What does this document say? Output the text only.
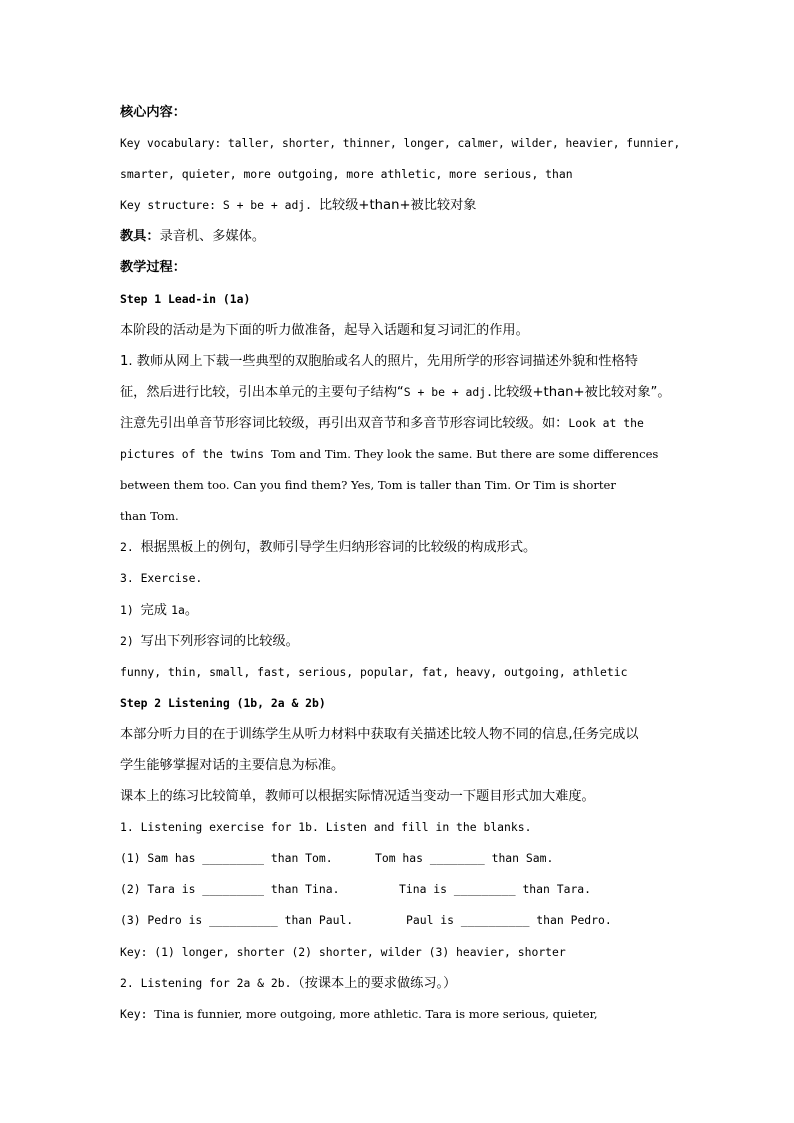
核心内容：
Key vocabulary: taller, shorter, thinner, longer, calmer, wilder, heavier, funnier,
smarter, quieter, more outgoing, more athletic, more serious, than
Key structure: S + be + adj. 比较级+than+被比较对象
教具：录音机、多媒体。
教学过程：
Step 1 Lead-in (1a)
本阶段的活动是为下面的听力做准备，起导入话题和复习词汇的作用。
1. 教师从网上下载一些典型的双胞胎或名人的照片，先用所学的形容词描述外貌和性格特
征，然后进行比较，引出本单元的主要句子结构“S + be + adj.比较级+than+被比较对象”。
注意先引出单音节形容词比较级，再引出双音节和多音节形容词比较级。如：Look at the
pictures of the twins Tom and Tim. They look the same. But there are some differences
between them too. Can you find them? Yes, Tom is taller than Tim. Or Tim is shorter
than Tom.
2. 根据黑板上的例句，教师引导学生归纳形容词的比较级的构成形式。
3. Exercise.
1) 完成 1a。
2) 写出下列形容词的比较级。
funny, thin, small, fast, serious, popular, fat, heavy, outgoing, athletic
Step 2 Listening (1b, 2a & 2b)
本部分听力目的在于训练学生从听力材料中获取有关描述比较人物不同的信息,任务完成以
学生能够掌握对话的主要信息为标准。
课本上的练习比较简单，教师可以根据实际情况适当变动一下题目形式加大难度。
1. Listening exercise for 1b. Listen and fill in the blanks.
(1) Sam has _________ than Tom.	Tom has ________ than Sam.
(2) Tara is _________ than Tina.	Tina is _________ than Tara.
(3) Pedro is __________ than Paul.	Paul is __________ than Pedro.
Key: (1) longer, shorter (2) shorter, wilder (3) heavier, shorter
2. Listening for 2a & 2b.（按课本上的要求做练习。）
Key: Tina is funnier, more outgoing, more athletic. Tara is more serious, quieter,
